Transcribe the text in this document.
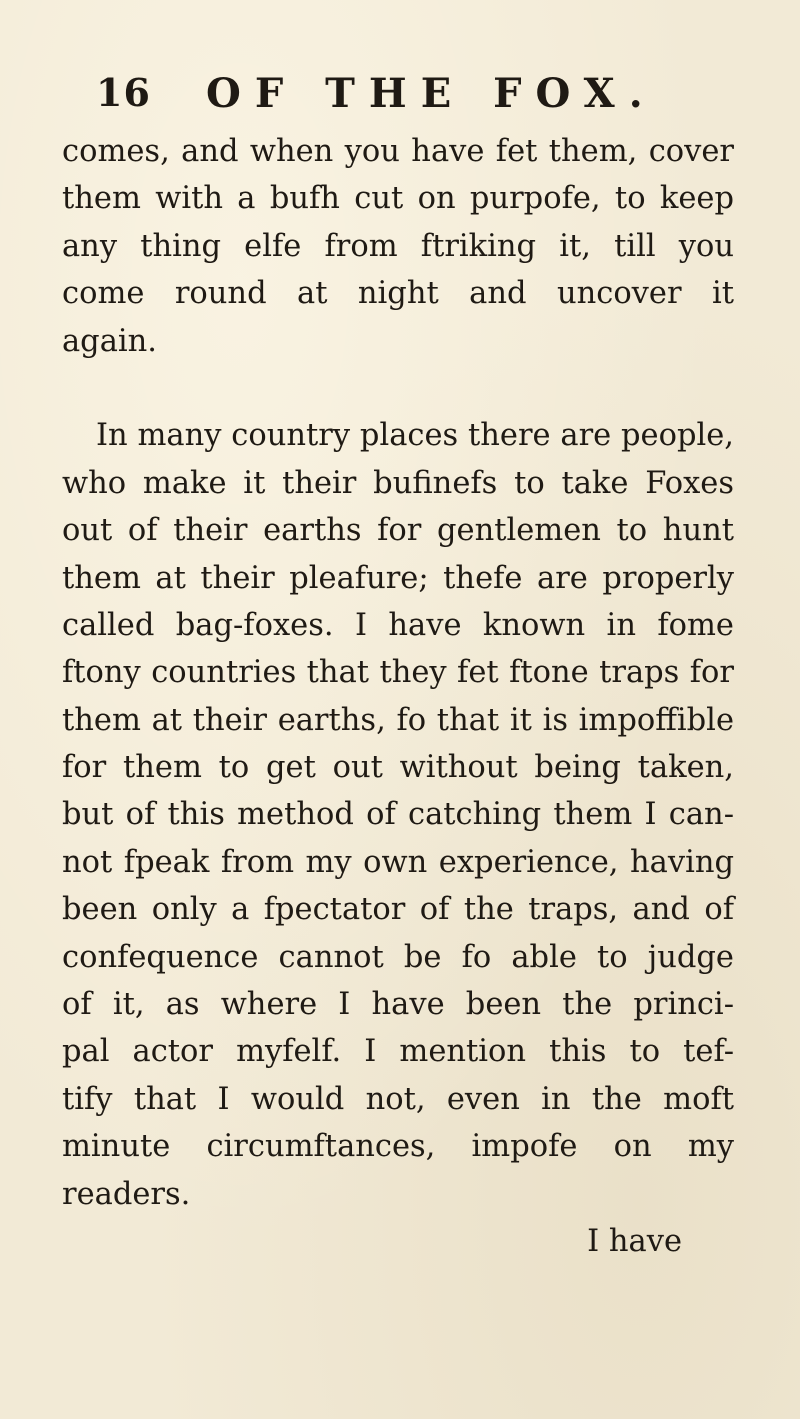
16 OF THE FOX.
comes, and when you have fet them, cover
them with a bufh cut on purpofe, to keep
any thing elfe from ftriking it, till you
come round at night and uncover it
again.
In many country places there are people,
who make it their bufinefs to take Foxes
out of their earths for gentlemen to hunt
them at their pleafure; thefe are properly
called bag-foxes. I have known in fome
ftony countries that they fet ftone traps for
them at their earths, fo that it is impoffible
for them to get out without being taken,
but of this method of catching them I can-
not fpeak from my own experience, having
been only a fpectator of the traps, and of
confequence cannot be fo able to judge
of it, as where I have been the princi-
pal actor myfelf. I mention this to tef-
tify that I would not, even in the moft
minute circumftances, impofe on my
readers.
I have
